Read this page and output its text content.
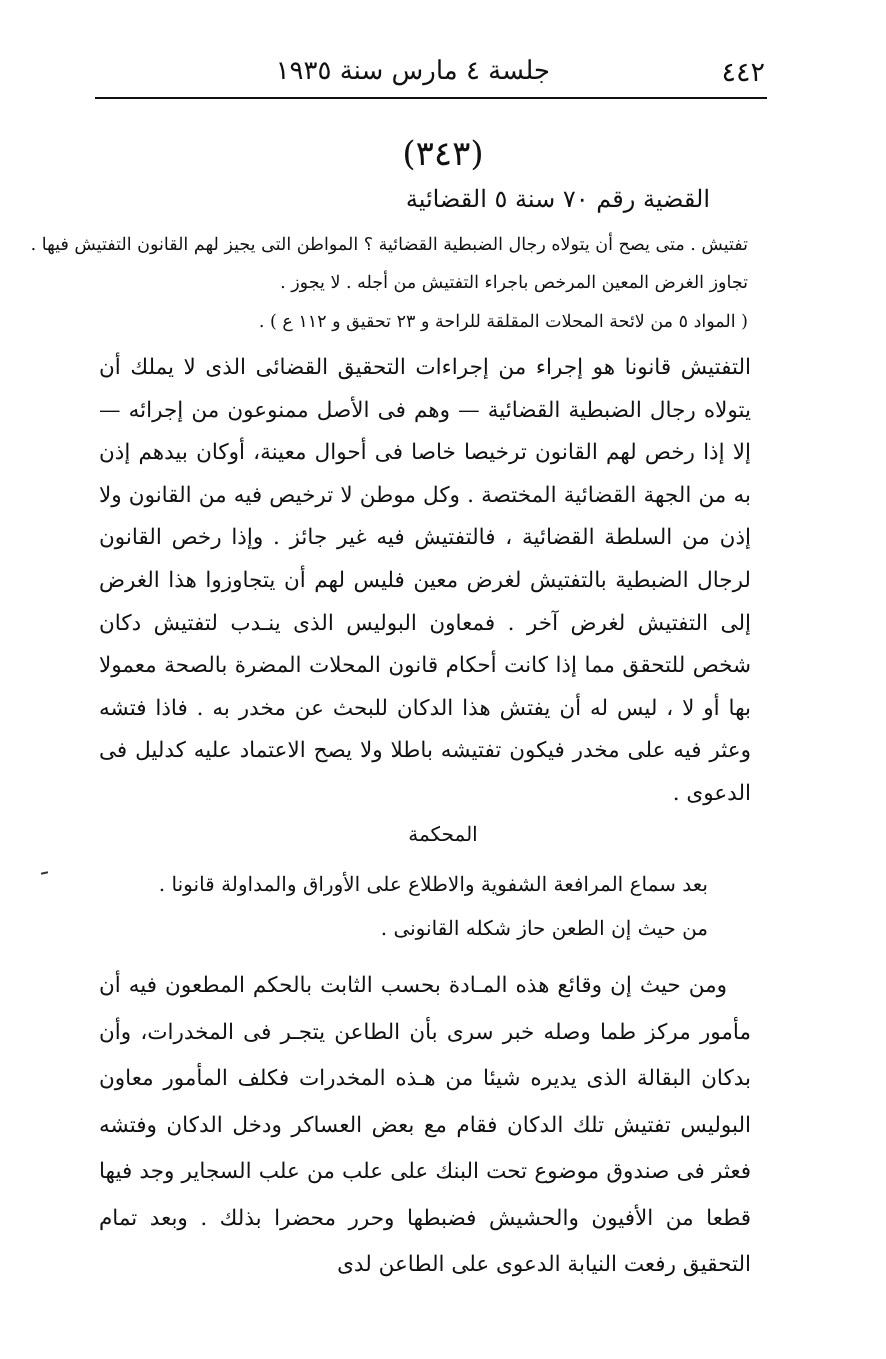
٤٤٢
جلسة ٤ مارس سنة ١٩٣٥
(٣٤٣)
القضية رقم ٧٠ سنة ٥ القضائية

تفتيش . متى يصح أن يتولاه رجال الضبطية القضائية ؟ المواطن التى يجيز لهم القانون التفتيش فيها .

تجاوز الغرض المعين المرخص باجراء التفتيش من أجله . لا يجوز .

( المواد ٥ من لائحة المحلات المقلقة للراحة و ٢٣ تحقيق و ١١٢ ع ) .

التفتيش قانونا هو إجراء من إجراءات التحقيق القضائى الذى لا يملك أن يتولاه رجال الضبطية القضائية — وهم فى الأصل ممنوعون من إجرائه — إلا إذا رخص لهم القانون ترخيصا خاصا فى أحوال معينة، أوكان بيدهم إذن به من الجهة القضائية المختصة . وكل موطن لا ترخيص فيه من القانون ولا إذن من السلطة القضائية ، فالتفتيش فيه غير جائز . وإذا رخص القانون لرجال الضبطية بالتفتيش لغرض معين فليس لهم أن يتجاوزوا هذا الغرض إلى التفتيش لغرض آخر . فمعاون البوليس الذى ينـدب لتفتيش دكان شخص للتحقق مما إذا كانت أحكام قانون المحلات المضرة بالصحة معمولا بها أو لا ، ليس له أن يفتش هذا الدكان للبحث عن مخدر به . فاذا فتشه وعثر فيه على مخدر فيكون تفتيشه باطلا ولا يصح الاعتماد عليه كدليل فى الدعوى .

المحكمة

بعد سماع المرافعة الشفوية والاطلاع على الأوراق والمداولة قانونا .

من حيث إن الطعن حاز شكله القانونى .

ومن حيث إن وقائع هذه المـادة بحسب الثابت بالحكم المطعون فيه أن مأمور مركز طما وصله خبر سرى بأن الطاعن يتجـر فى المخدرات، وأن بدكان البقالة الذى يديره شيئا من هـذه المخدرات فكلف المأمور معاون البوليس تفتيش تلك الدكان فقام مع بعض العساكر ودخل الدكان وفتشه فعثر فى صندوق موضوع تحت البنك على علب من علب السجاير وجد فيها قطعا من الأفيون والحشيش فضبطها وحرر محضرا بذلك . وبعد تمام التحقيق رفعت النيابة الدعوى على الطاعن لدى
